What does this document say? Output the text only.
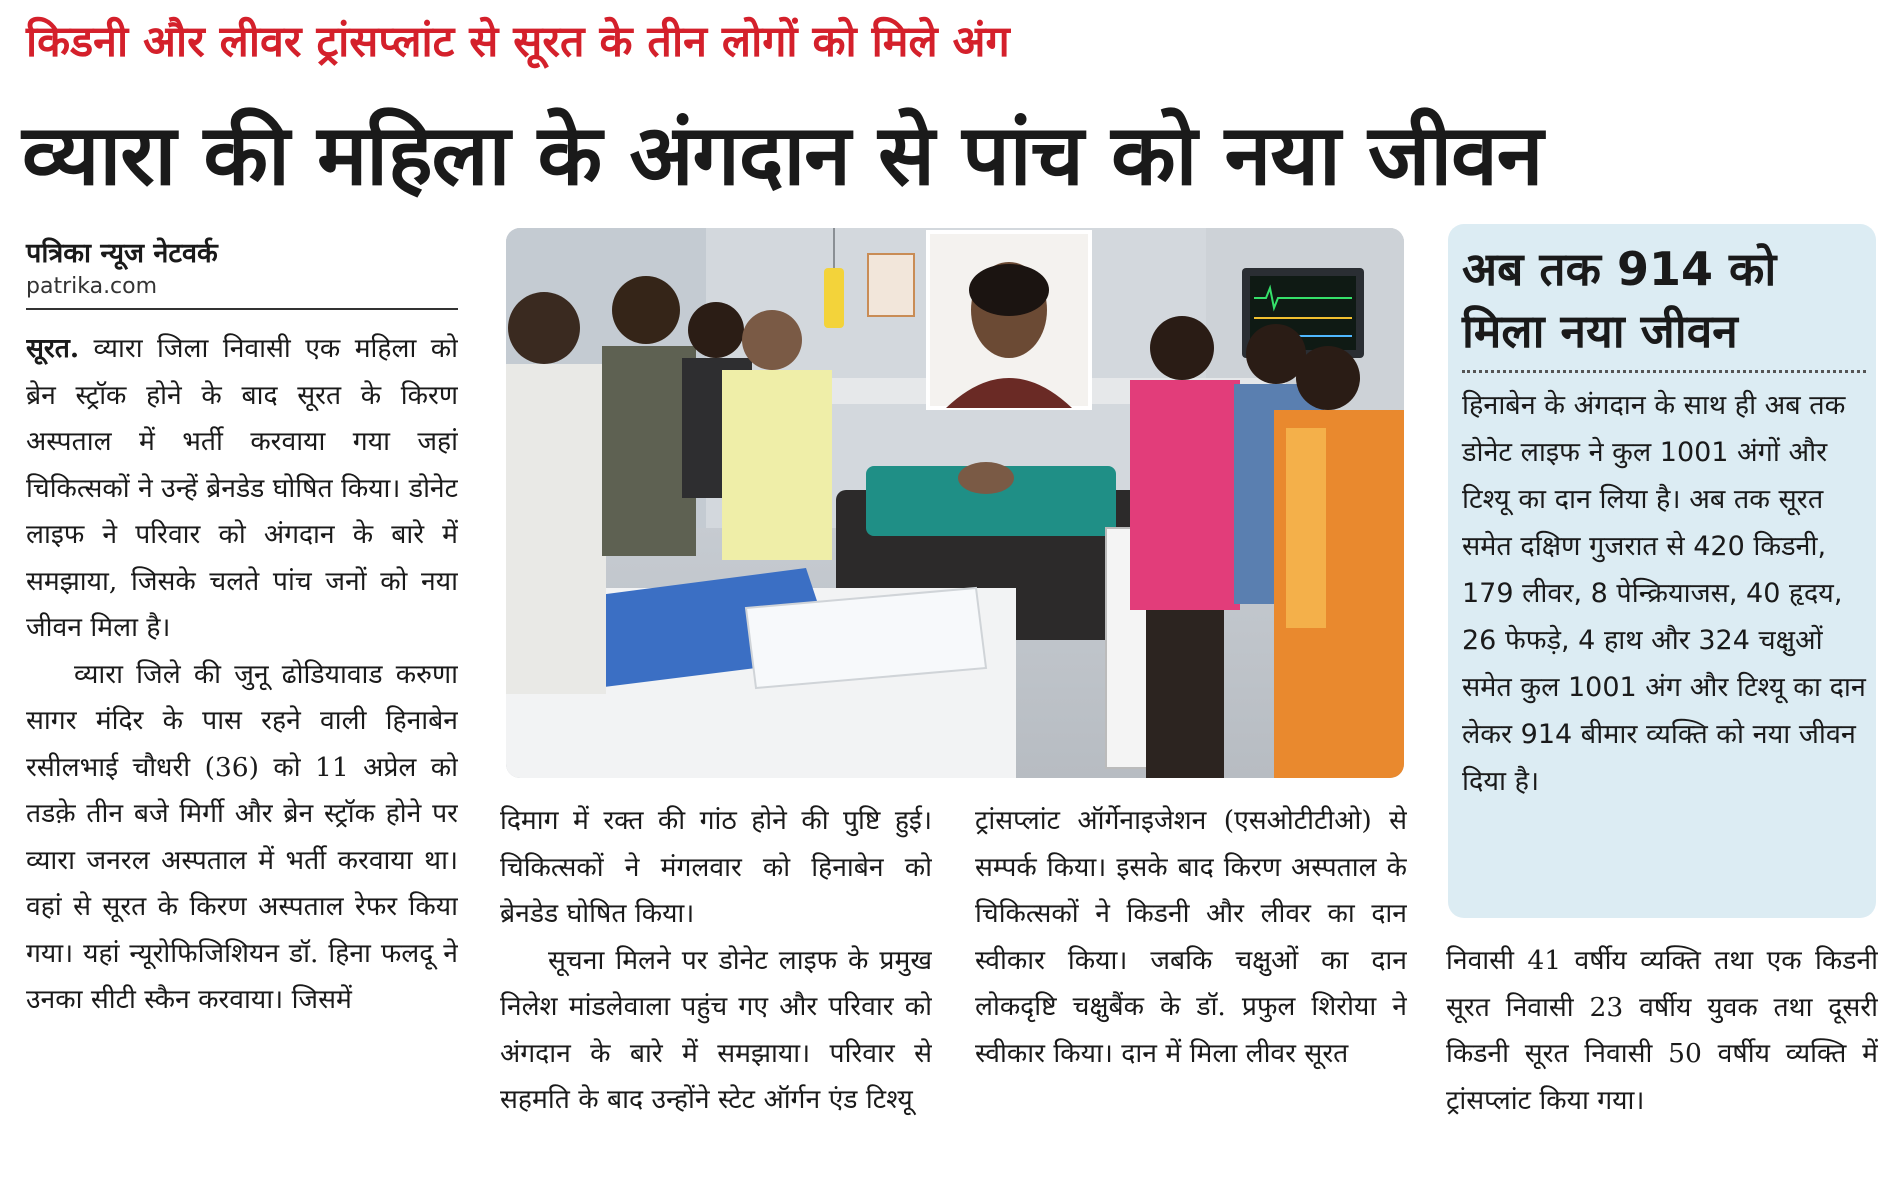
किडनी और लीवर ट्रांसप्लांट से सूरत के तीन लोगों को मिले अंग
व्यारा की महिला के अंगदान से पांच को नया जीवन
पत्रिका न्यूज नेटवर्क
patrika.com

सूरत. व्यारा जिला निवासी एक महिला को ब्रेन स्ट्रॉक होने के बाद सूरत के किरण अस्पताल में भर्ती करवाया गया जहां चिकित्सकों ने उन्हें ब्रेनडेड घोषित किया। डोनेट लाइफ ने परिवार को अंगदान के बारे में समझाया, जिसके चलते पांच जनों को नया जीवन मिला है।

व्यारा जिले की जुनू ढोडियावाड करुणा सागर मंदिर के पास रहने वाली हिनाबेन रसीलभाई चौधरी (36) को 11 अप्रेल को तडक़े तीन बजे मिर्गी और ब्रेन स्ट्रॉक होने पर व्यारा जनरल अस्पताल में भर्ती करवाया था। वहां से सूरत के किरण अस्पताल रेफर किया गया। यहां न्यूरोफिजिशियन डॉ. हिना फलदू ने उनका सीटी स्कैन करवाया। जिसमें

अब तक 914 को मिला नया जीवन
हिनाबेन के अंगदान के साथ ही अब तक डोनेट लाइफ ने कुल 1001 अंगों और टिश्यू का दान लिया है। अब तक सूरत समेत दक्षिण गुजरात से 420 किडनी, 179 लीवर, 8 पेन्क्रियाजस, 40 हृदय, 26 फेफड़े, 4 हाथ और 324 चक्षुओं समेत कुल 1001 अंग और टिश्यू का दान लेकर 914 बीमार व्यक्ति को नया जीवन दिया है।

दिमाग में रक्त की गांठ होने की पुष्टि हुई। चिकित्सकों ने मंगलवार को हिनाबेन को ब्रेनडेड घोषित किया।

सूचना मिलने पर डोनेट लाइफ के प्रमुख निलेश मांडलेवाला पहुंच गए और परिवार को अंगदान के बारे में समझाया। परिवार से सहमति के बाद उन्होंने स्टेट ऑर्गन एंड टिश्यू

ट्रांसप्लांट ऑर्गेनाइजेशन (एसओटीटीओ) से सम्पर्क किया। इसके बाद किरण अस्पताल के चिकित्सकों ने किडनी और लीवर का दान स्वीकार किया। जबकि चक्षुओं का दान लोकदृष्टि चक्षुबैंक के डॉ. प्रफुल शिरोया ने स्वीकार किया। दान में मिला लीवर सूरत

निवासी 41 वर्षीय व्यक्ति तथा एक किडनी सूरत निवासी 23 वर्षीय युवक तथा दूसरी किडनी सूरत निवासी 50 वर्षीय व्यक्ति में ट्रांसप्लांट किया गया।
